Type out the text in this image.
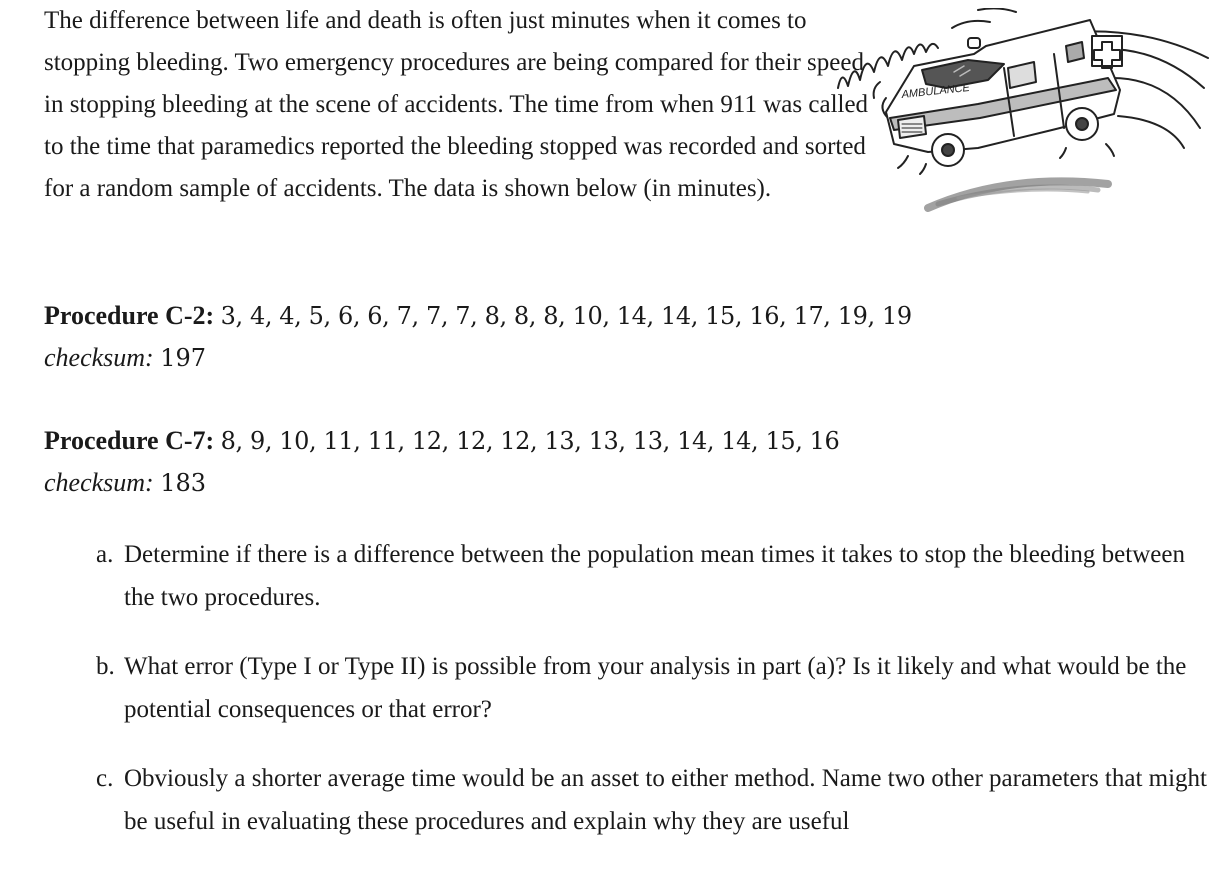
The difference between life and death is often just minutes when it comes to stopping bleeding. Two emergency procedures are being compared for their speed in stopping bleeding at the scene of accidents. The time from when 911 was called to the time that paramedics reported the bleeding stopped was recorded and sorted for a random sample of accidents. The data is shown below (in minutes).

AMBULANCE
Procedure C-2: 3, 4, 4, 5, 6, 6, 7, 7, 7, 8, 8, 8, 10, 14, 14, 15, 16, 17, 19, 19
checksum: 197
Procedure C-7: 8, 9, 10, 11, 11, 12, 12, 12, 13, 13, 13, 14, 14, 15, 16
checksum: 183
a. Determine if there is a difference between the population mean times it takes to stop the bleeding between the two procedures.
b. What error (Type I or Type II) is possible from your analysis in part (a)? Is it likely and what would be the potential consequences or that error?
c. Obviously a shorter average time would be an asset to either method. Name two other parameters that might be useful in evaluating these procedures and explain why they are useful
